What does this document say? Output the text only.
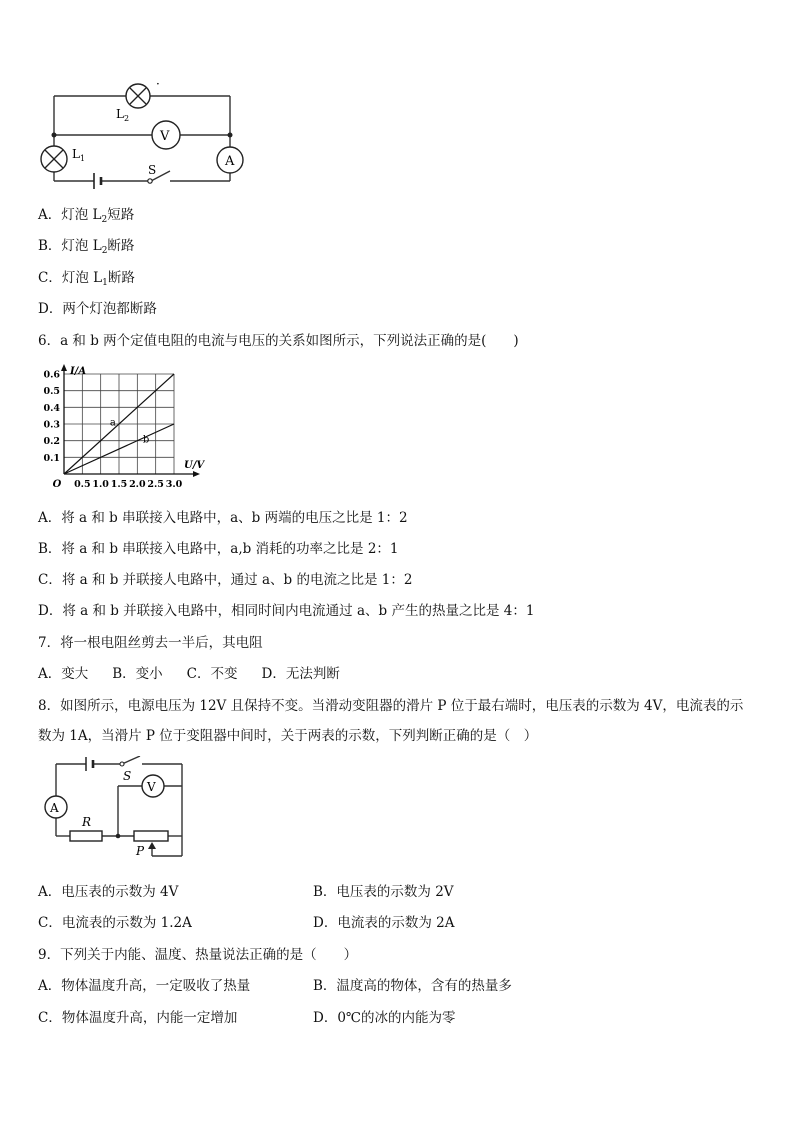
V
A
·
$L_2$
$L_1$
S
A．灯泡 $L_2$短路
B．灯泡 $L_2$断路
C．灯泡 $L_1$断路
D．两个灯泡都断路
6．a 和 b 两个定值电阻的电流与电压的关系如图所示，下列说法正确的是(　　)
a
b
0.5 1.0 1.5 2.0 2.5 3.0
0.1
0.2
0.3
0.4
0.5
0.6
O
I/A
U/V
A．将 a 和 b 串联接入电路中，a、b 两端的电压之比是 1：2
B．将 a 和 b 串联接入电路中，a,b 消耗的功率之比是 2：1
C．将 a 和 b 并联接人电路中，通过 a、b 的电流之比是 1：2
D．将 a 和 b 并联接入电路中，相同时间内电流通过 a、b 产生的热量之比是 4：1
7．将一根电阻丝剪去一半后，其电阻
A．变大 B．变小 C．不变 D．无法判断
8．如图所示，电源电压为 12V 且保持不变。当滑动变阻器的滑片 P 位于最右端时，电压表的示数为 4V，电流表的示
数为 1A，当滑片 P 位于变阻器中间时，关于两表的示数，下列判断正确的是（　）
A
V
S
R
P
A．电压表的示数为 4V	B．电压表的示数为 2V
C．电流表的示数为 1.2A	D．电流表的示数为 2A
9．下列关于内能、温度、热量说法正确的是（　　）
A．物体温度升高，一定吸收了热量	B．温度高的物体，含有的热量多
C．物体温度升高，内能一定增加	D．0℃的冰的内能为零
